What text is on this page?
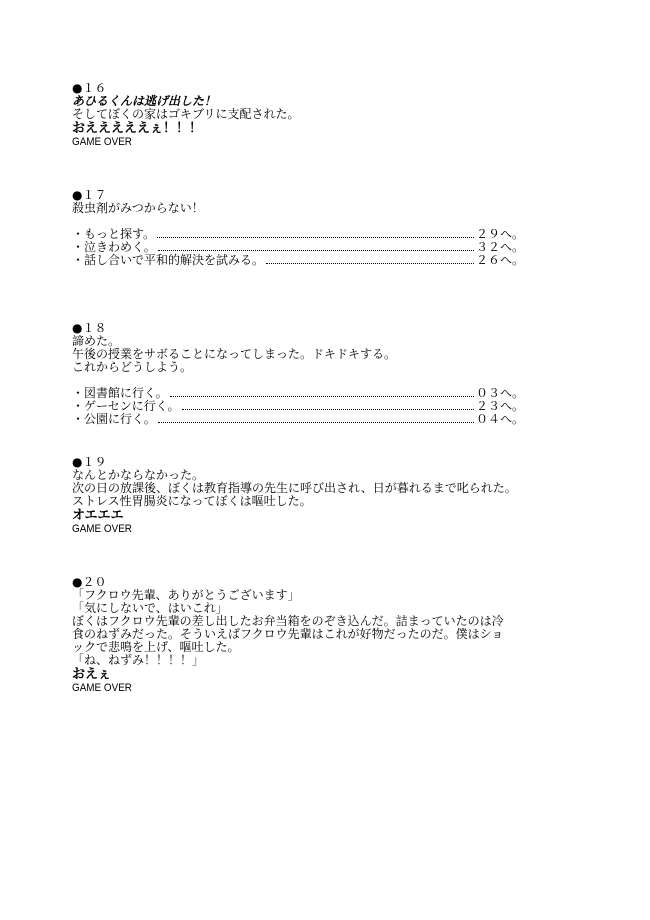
●１６

あひるくんは逃げ出した！

そしてぼくの家はゴキブリに支配された。

おえええええぇ！！！

GAME OVER

●１７

殺虫剤がみつからない！

・もっと探す。	２９へ。
・泣きわめく。	３２へ。
・話し合いで平和的解決を試みる。	２６へ。

●１８

諦めた。

午後の授業をサボることになってしまった。ドキドキする。

これからどうしよう。

・図書館に行く。	０３へ。
・ゲーセンに行く。	２３へ。
・公園に行く。	０４へ。

●１９

なんとかならなかった。

次の日の放課後、ぼくは教育指導の先生に呼び出され、日が暮れるまで叱られた。

ストレス性胃腸炎になってぼくは嘔吐した。

オエエエ

GAME OVER

●２０

「フクロウ先輩、ありがとうございます」

「気にしないで、はいこれ」

ぼくはフクロウ先輩の差し出したお弁当箱をのぞき込んだ。詰まっていたのは冷

食のねずみだった。そういえばフクロウ先輩はこれが好物だったのだ。僕はショ

ックで悲鳴を上げ、嘔吐した。

「ね、ねずみ！！！！」

おえぇ

GAME OVER
